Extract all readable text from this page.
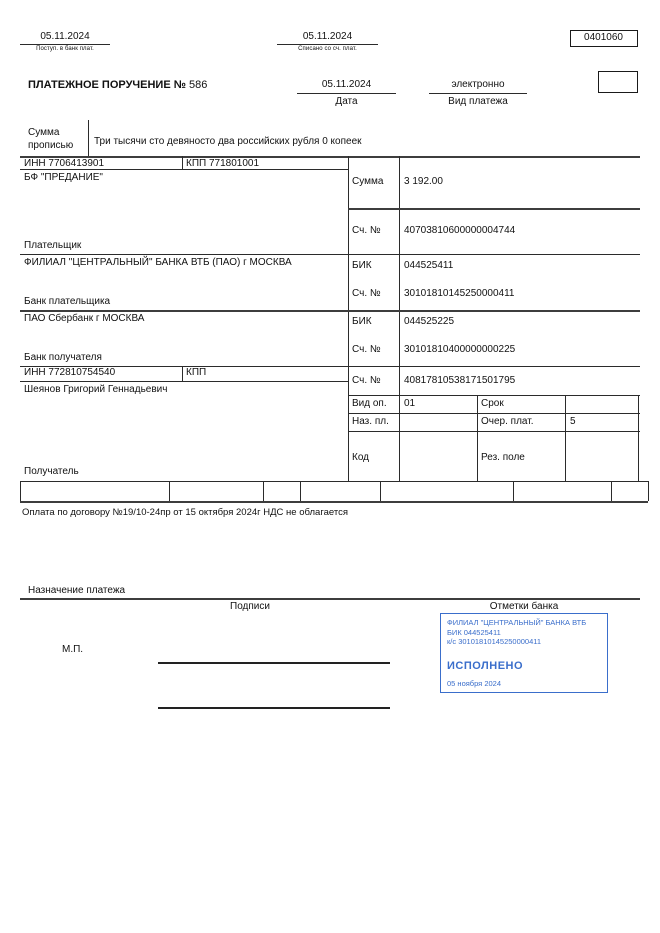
05.11.2024
Поступ. в банк плат.
05.11.2024
Списано со сч. плат.
0401060
ПЛАТЕЖНОЕ ПОРУЧЕНИЕ № 586	05.11.2024
Дата
электронно
Вид платежа
Сумма
прописью Три тысячи сто девяносто два российских рубля 0 копеек
ИНН 7706413901	КПП 771801001
БФ "ПРЕДАНИЕ"
Плательщик
Сумма 3 192.00
Сч. № 40703810600000004744
ФИЛИАЛ "ЦЕНТРАЛЬНЫЙ" БАНКА ВТБ (ПАО) г МОСКВА
Банк плательщика
БИК	044525411
Сч. № 30101810145250000411
ПАО Сбербанк г МОСКВА
Банк получателя
БИК	044525225
Сч. № 30101810400000000225
ИНН 772810754540	КПП
Шеянов Григорий Геннадьевич
Получатель
Сч. № 40817810538171501795
Вид оп. 01	Срок
Наз. пл.	Очер. плат.	5
Код	Рез. поле
Оплата по договору №19/10-24пр от 15 октября 2024г НДС не облагается
Назначение платежа
Подписи	Отметки банка
М.П.
ФИЛИАЛ "ЦЕНТРАЛЬНЫЙ" БАНКА ВТБ
БИК 044525411
к/с 30101810145250000411
ИСПОЛНЕНО
05 ноября 2024
